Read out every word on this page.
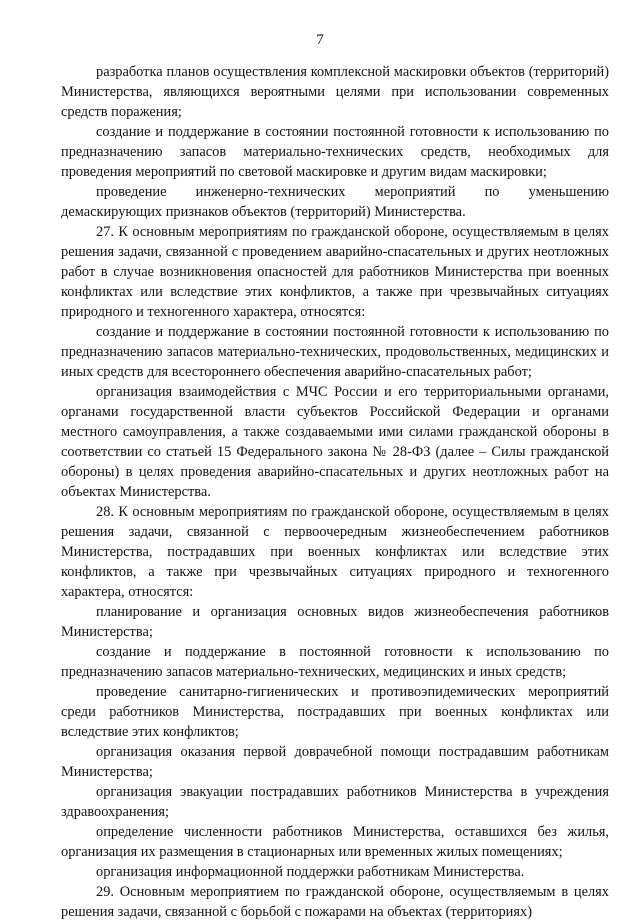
7

разработка планов осуществления комплексной маскировки объектов (территорий) Министерства, являющихся вероятными целями при использовании современных средств поражения;

создание и поддержание в состоянии постоянной готовности к использованию по предназначению запасов материально-технических средств, необходимых для проведения мероприятий по световой маскировке и другим видам маскировки;

проведение инженерно-технических мероприятий по уменьшению демаскирующих признаков объектов (территорий) Министерства.

27. К основным мероприятиям по гражданской обороне, осуществляемым в целях решения задачи, связанной с проведением аварийно-спасательных и других неотложных работ в случае возникновения опасностей для работников Министерства при военных конфликтах или вследствие этих конфликтов, а также при чрезвычайных ситуациях природного и техногенного характера, относятся:

создание и поддержание в состоянии постоянной готовности к использованию по предназначению запасов материально-технических, продовольственных, медицинских и иных средств для всестороннего обеспечения аварийно-спасательных работ;

организация взаимодействия с МЧС России и его территориальными органами, органами государственной власти субъектов Российской Федерации и органами местного самоуправления, а также создаваемыми ими силами гражданской обороны в соответствии со статьей 15 Федерального закона № 28-ФЗ (далее – Силы гражданской обороны) в целях проведения аварийно-спасательных и других неотложных работ на объектах Министерства.

28. К основным мероприятиям по гражданской обороне, осуществляемым в целях решения задачи, связанной с первоочередным жизнеобеспечением работников Министерства, пострадавших при военных конфликтах или вследствие этих конфликтов, а также при чрезвычайных ситуациях природного и техногенного характера, относятся:

планирование и организация основных видов жизнеобеспечения работников Министерства;

создание и поддержание в постоянной готовности к использованию по предназначению запасов материально-технических, медицинских и иных средств;

проведение санитарно-гигиенических и противоэпидемических мероприятий среди работников Министерства, пострадавших при военных конфликтах или вследствие этих конфликтов;

организация оказания первой доврачебной помощи пострадавшим работникам Министерства;

организация эвакуации пострадавших работников Министерства в учреждения здравоохранения;

определение численности работников Министерства, оставшихся без жилья, организация их размещения в стационарных или временных жилых помещениях;

организация информационной поддержки работникам Министерства.

29. Основным мероприятием по гражданской обороне, осуществляемым в целях решения задачи, связанной с борьбой с пожарами на объектах (территориях)
